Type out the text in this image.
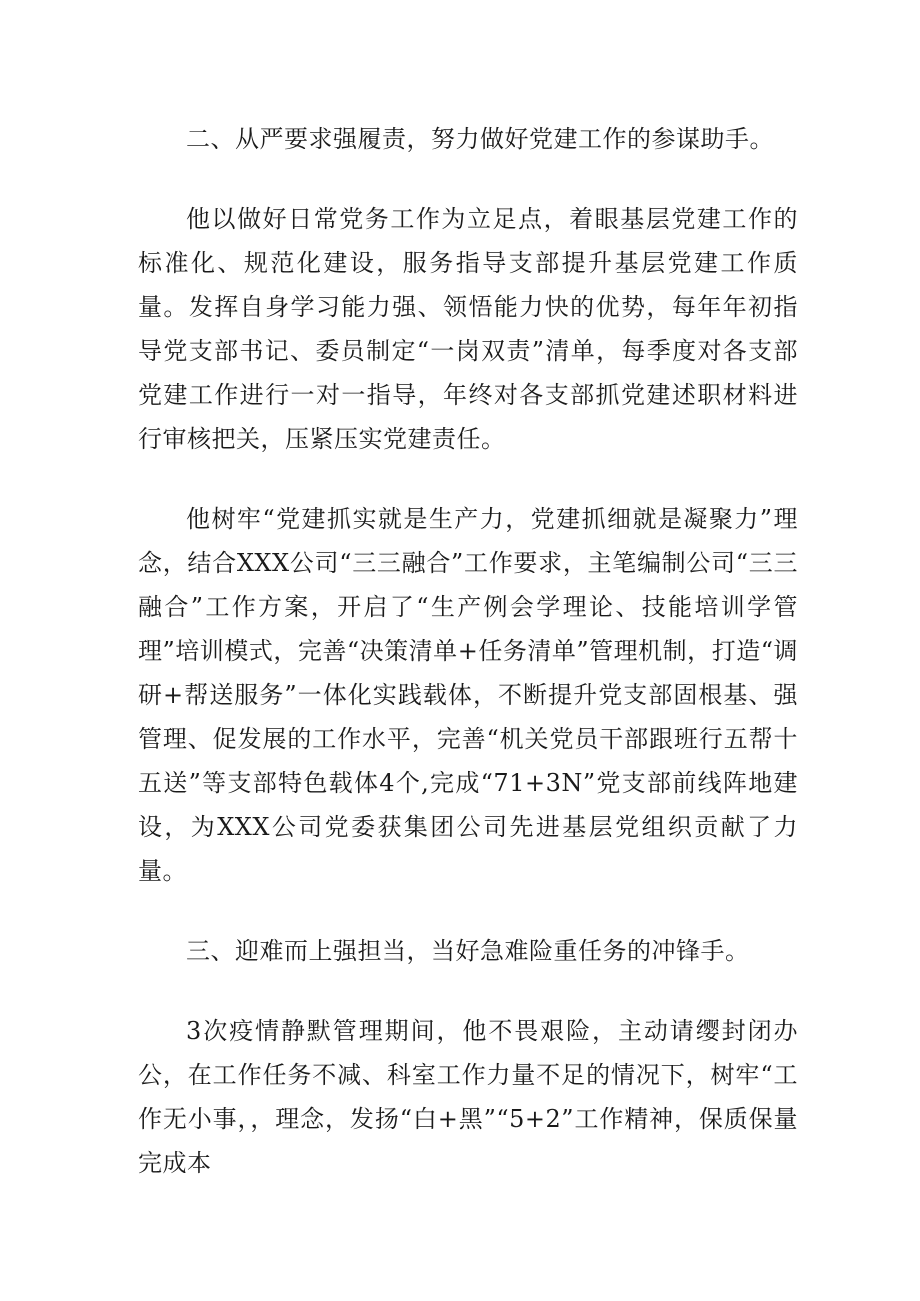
二、从严要求强履责，努力做好党建工作的参谋助手。

他以做好日常党务工作为立足点，着眼基层党建工作的标准化、规范化建设，服务指导支部提升基层党建工作质量。发挥自身学习能力强、领悟能力快的优势，每年年初指导党支部书记、委员制定“一岗双责”清单，每季度对各支部党建工作进行一对一指导，年终对各支部抓党建述职材料进行审核把关，压紧压实党建责任。

他树牢“党建抓实就是生产力，党建抓细就是凝聚力”理念，结合XXX公司“三三融合”工作要求，主笔编制公司“三三融合”工作方案，开启了“生产例会学理论、技能培训学管理”培训模式，完善“决策清单+任务清单”管理机制，打造“调研+帮送服务”一体化实践载体，不断提升党支部固根基、强管理、促发展的工作水平，完善“机关党员干部跟班行五帮十五送”等支部特色载体4个,完成“71+3N”党支部前线阵地建设，为XXX公司党委获集团公司先进基层党组织贡献了力量。

三、迎难而上强担当，当好急难险重任务的冲锋手。

3次疫情静默管理期间，他不畏艰险，主动请缨封闭办公，在工作任务不减、科室工作力量不足的情况下，树牢“工作无小事，，理念，发扬“白+黑”“5+2”工作精神，保质保量完成本
